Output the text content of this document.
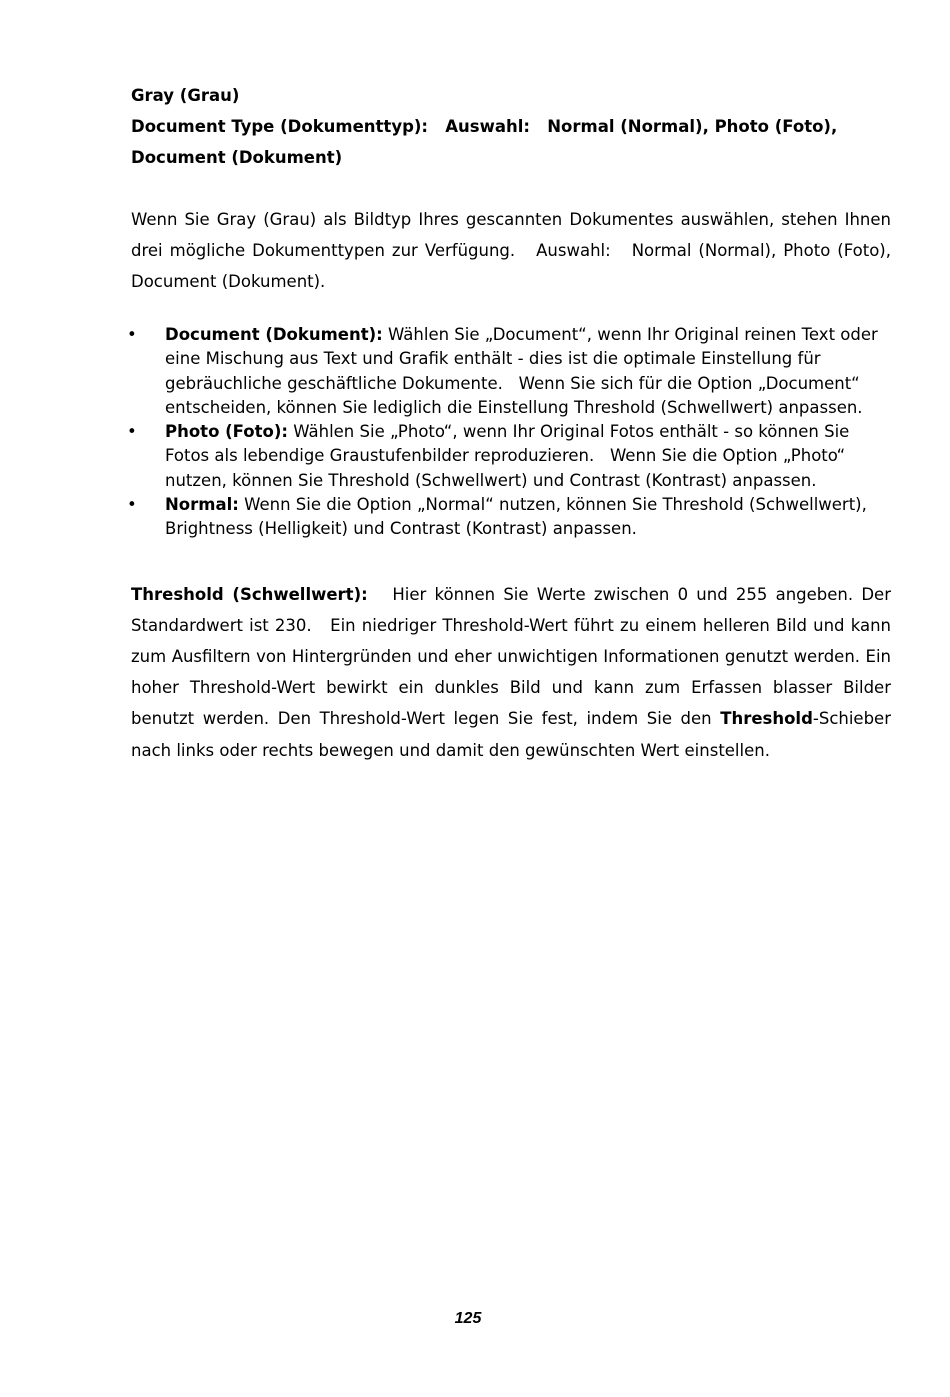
Gray (Grau)

Document Type (Dokumenttyp): Auswahl: Normal (Normal), Photo (Foto),
Document (Dokument)

Wenn Sie Gray (Grau) als Bildtyp Ihres gescannten Dokumentes auswählen, stehen Ihnen drei mögliche Dokumenttypen zur Verfügung.   Auswahl:   Normal (Normal), Photo (Foto), Document (Dokument).

• Document (Dokument): Wählen Sie „Document“, wenn Ihr Original reinen Text oder eine Mischung aus Text und Grafik enthält - dies ist die optimale Einstellung für gebräuchliche geschäftliche Dokumente.   Wenn Sie sich für die Option „Document“ entscheiden, können Sie lediglich die Einstellung Threshold (Schwellwert) anpassen.
• Photo (Foto): Wählen Sie „Photo“, wenn Ihr Original Fotos enthält - so können Sie Fotos als lebendige Graustufenbilder reproduzieren.   Wenn Sie die Option „Photo“ nutzen, können Sie Threshold (Schwellwert) und Contrast (Kontrast) anpassen.
• Normal: Wenn Sie die Option „Normal“ nutzen, können Sie Threshold (Schwellwert), Brightness (Helligkeit) und Contrast (Kontrast) anpassen.

Threshold (Schwellwert):   Hier können Sie Werte zwischen 0 und 255 angeben. Der Standardwert ist 230.   Ein niedriger Threshold-Wert führt zu einem helleren Bild und kann zum Ausfiltern von Hintergründen und eher unwichtigen Informationen genutzt werden. Ein hoher Threshold-Wert bewirkt ein dunkles Bild und kann zum Erfassen blasser Bilder benutzt werden. Den Threshold-Wert legen Sie fest, indem Sie den Threshold-Schieber nach links oder rechts bewegen und damit den gewünschten Wert einstellen.

125
